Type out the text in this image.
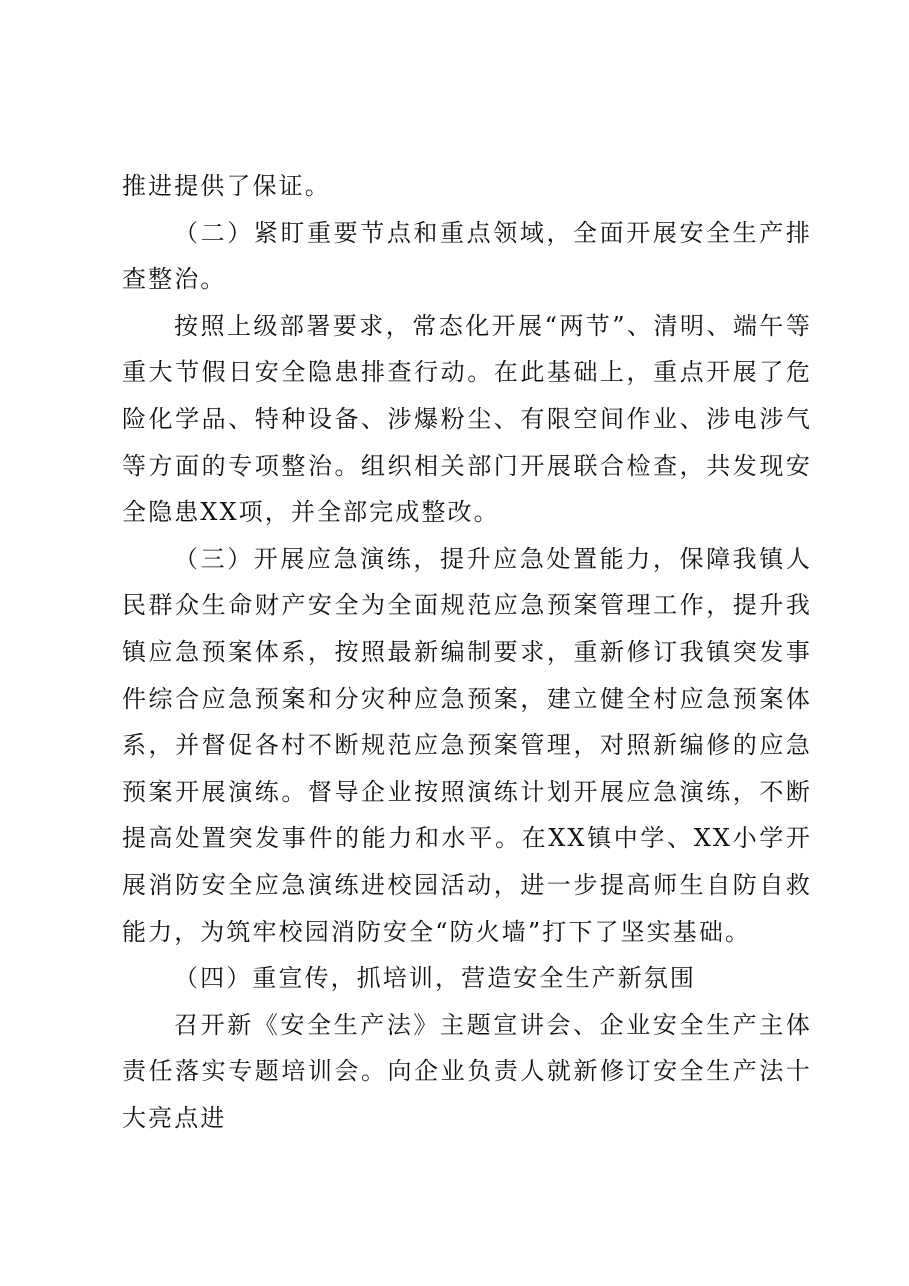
推进提供了保证。

（二）紧盯重要节点和重点领域，全面开展安全生产排查整治。

按照上级部署要求，常态化开展“两节”、清明、端午等重大节假日安全隐患排查行动。在此基础上，重点开展了危险化学品、特种设备、涉爆粉尘、有限空间作业、涉电涉气等方面的专项整治。组织相关部门开展联合检查，共发现安全隐患XX项，并全部完成整改。

（三）开展应急演练，提升应急处置能力，保障我镇人民群众生命财产安全为全面规范应急预案管理工作，提升我镇应急预案体系，按照最新编制要求，重新修订我镇突发事件综合应急预案和分灾种应急预案，建立健全村应急预案体系，并督促各村不断规范应急预案管理，对照新编修的应急预案开展演练。督导企业按照演练计划开展应急演练，不断提高处置突发事件的能力和水平。在XX镇中学、XX小学开展消防安全应急演练进校园活动，进一步提高师生自防自救能力，为筑牢校园消防安全“防火墙”打下了坚实基础。

（四）重宣传，抓培训，营造安全生产新氛围

召开新《安全生产法》主题宣讲会、企业安全生产主体责任落实专题培训会。向企业负责人就新修订安全生产法十大亮点进
